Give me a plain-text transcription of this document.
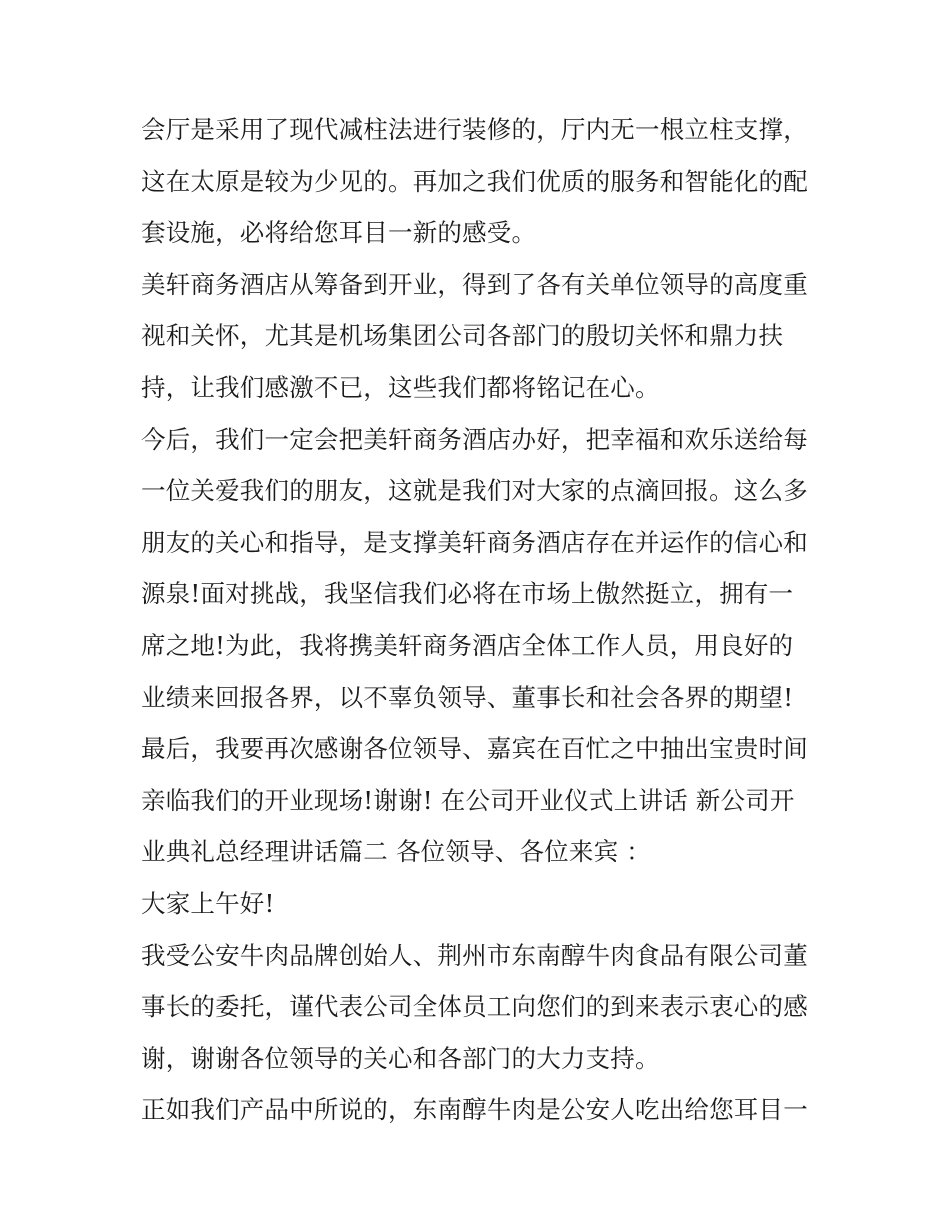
会厅是采用了现代减柱法进行装修的，厅内无一根立柱支撑，
这在太原是较为少见的。再加之我们优质的服务和智能化的配
套设施，必将给您耳目一新的感受。
美轩商务酒店从筹备到开业，得到了各有关单位领导的高度重
视和关怀，尤其是机场集团公司各部门的殷切关怀和鼎力扶
持，让我们感激不已，这些我们都将铭记在心。
今后，我们一定会把美轩商务酒店办好，把幸福和欢乐送给每
一位关爱我们的朋友，这就是我们对大家的点滴回报。这么多
朋友的关心和指导，是支撑美轩商务酒店存在并运作的信心和
源泉!面对挑战，我坚信我们必将在市场上傲然挺立，拥有一
席之地!为此，我将携美轩商务酒店全体工作人员，用良好的
业绩来回报各界，以不辜负领导、董事长和社会各界的期望!
最后，我要再次感谢各位领导、嘉宾在百忙之中抽出宝贵时间
亲临我们的开业现场!谢谢! 在公司开业仪式上讲话 新公司开
业典礼总经理讲话篇二 各位领导、各位来宾 ：
大家上午好!
我受公安牛肉品牌创始人、荆州市东南醇牛肉食品有限公司董
事长的委托，谨代表公司全体员工向您们的到来表示衷心的感
谢，谢谢各位领导的关心和各部门的大力支持。
正如我们产品中所说的，东南醇牛肉是公安人吃出给您耳目一
